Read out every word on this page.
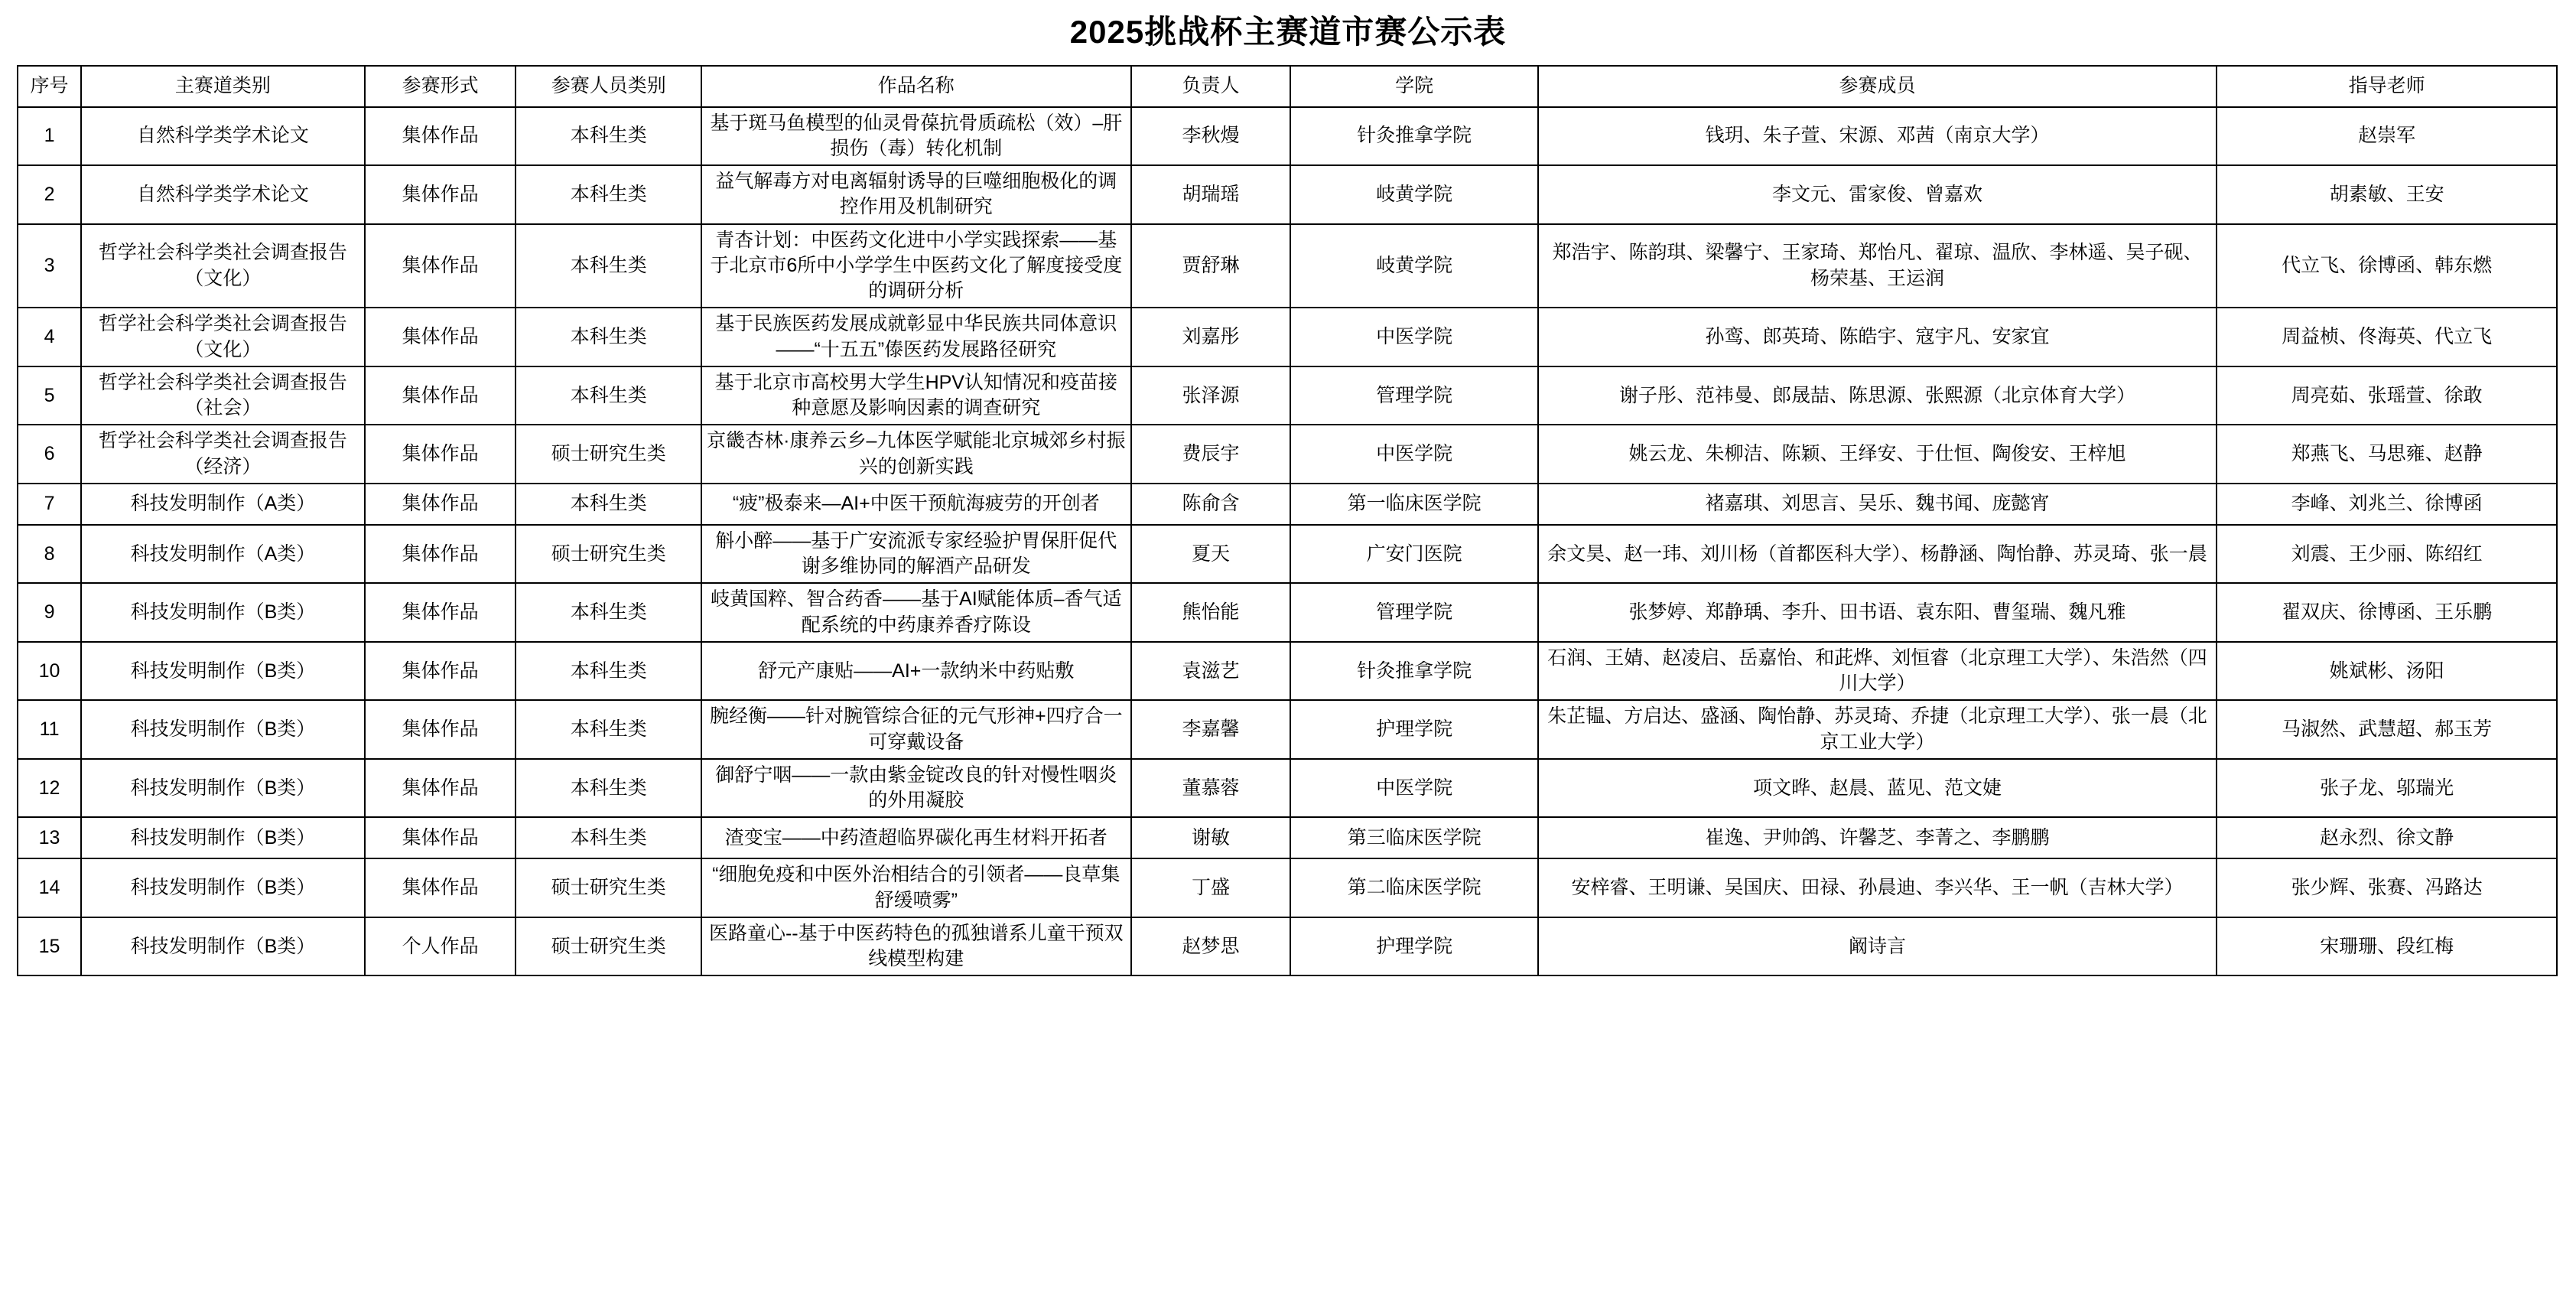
2025挑战杯主赛道市赛公示表
序号	主赛道类别	参赛形式	参赛人员类别	作品名称	负责人	学院	参赛成员	指导老师
1	自然科学类学术论文	集体作品	本科生类	基于斑马鱼模型的仙灵骨葆抗骨质疏松（效）–肝损伤（毒）转化机制	李秋熳	针灸推拿学院	钱玥、朱子萱、宋源、邓茜（南京大学）	赵崇军
2	自然科学类学术论文	集体作品	本科生类	益气解毒方对电离辐射诱导的巨噬细胞极化的调控作用及机制研究	胡瑞瑶	岐黄学院	李文元、雷家俊、曾嘉欢	胡素敏、王安
3	哲学社会科学类社会调查报告（文化）	集体作品	本科生类	青杏计划：中医药文化进中小学实践探索——基于北京市6所中小学学生中医药文化了解度接受度的调研分析	贾舒琳	岐黄学院	郑浩宇、陈韵琪、梁馨宁、王家琦、郑怡凡、翟琼、温欣、李林遥、吴子砚、杨荣基、王运润	代立飞、徐博函、韩东燃
4	哲学社会科学类社会调查报告（文化）	集体作品	本科生类	基于民族医药发展成就彰显中华民族共同体意识——“十五五”傣医药发展路径研究	刘嘉彤	中医学院	孙鸾、郎英琦、陈皓宇、寇宇凡、安家宜	周益桢、佟海英、代立飞
5	哲学社会科学类社会调查报告（社会）	集体作品	本科生类	基于北京市高校男大学生HPV认知情况和疫苗接种意愿及影响因素的调查研究	张泽源	管理学院	谢子彤、范祎曼、郎晟喆、陈思源、张熙源（北京体育大学）	周亮茹、张瑶萱、徐敢
6	哲学社会科学类社会调查报告（经济）	集体作品	硕士研究生类	京畿杏林·康养云乡–九体医学赋能北京城郊乡村振兴的创新实践	费辰宇	中医学院	姚云龙、朱柳洁、陈颖、王绎安、于仕恒、陶俊安、王梓旭	郑燕飞、马思雍、赵静
7	科技发明制作（A类）	集体作品	本科生类	“疲”极泰来—AI+中医干预航海疲劳的开创者	陈俞含	第一临床医学院	褚嘉琪、刘思言、吴乐、魏书闻、庞懿宵	李峰、刘兆兰、徐博函
8	科技发明制作（A类）	集体作品	硕士研究生类	斛小醉——基于广安流派专家经验护胃保肝促代谢多维协同的解酒产品研发	夏天	广安门医院	余文昊、赵一玮、刘川杨（首都医科大学）、杨静涵、陶怡静、苏灵琦、张一晨	刘震、王少丽、陈绍红
9	科技发明制作（B类）	集体作品	本科生类	岐黄国粹、智合药香——基于AI赋能体质–香气适配系统的中药康养香疗陈设	熊怡能	管理学院	张梦婷、郑静瑀、李升、田书语、袁东阳、曹玺瑞、魏凡雅	翟双庆、徐博函、王乐鹏
10	科技发明制作（B类）	集体作品	本科生类	舒元产康贴——AI+一款纳米中药贴敷	袁滋艺	针灸推拿学院	石润、王婧、赵凌启、岳嘉怡、和茈烨、刘恒睿（北京理工大学）、朱浩然（四川大学）	姚斌彬、汤阳
11	科技发明制作（B类）	集体作品	本科生类	腕经衡——针对腕管综合征的元气形神+四疗合一可穿戴设备	李嘉馨	护理学院	朱芷韫、方启达、盛涵、陶怡静、苏灵琦、乔捷（北京理工大学）、张一晨（北京工业大学）	马淑然、武慧超、郝玉芳
12	科技发明制作（B类）	集体作品	本科生类	御舒宁咽——一款由紫金锭改良的针对慢性咽炎的外用凝胶	董慕蓉	中医学院	项文晔、赵晨、蓝见、范文婕	张子龙、邬瑞光
13	科技发明制作（B类）	集体作品	本科生类	渣变宝——中药渣超临界碳化再生材料开拓者	谢敏	第三临床医学院	崔逸、尹帅鸽、许馨芝、李菁之、李鹏鹏	赵永烈、徐文静
14	科技发明制作（B类）	集体作品	硕士研究生类	“细胞免疫和中医外治相结合的引领者——良草集舒缓喷雾”	丁盛	第二临床医学院	安梓睿、王明谦、吴国庆、田禄、孙晨迪、李兴华、王一帆（吉林大学）	张少辉、张赛、冯路达
15	科技发明制作（B类）	个人作品	硕士研究生类	医路童心--基于中医药特色的孤独谱系儿童干预双线模型构建	赵梦思	护理学院	阚诗言	宋珊珊、段红梅
